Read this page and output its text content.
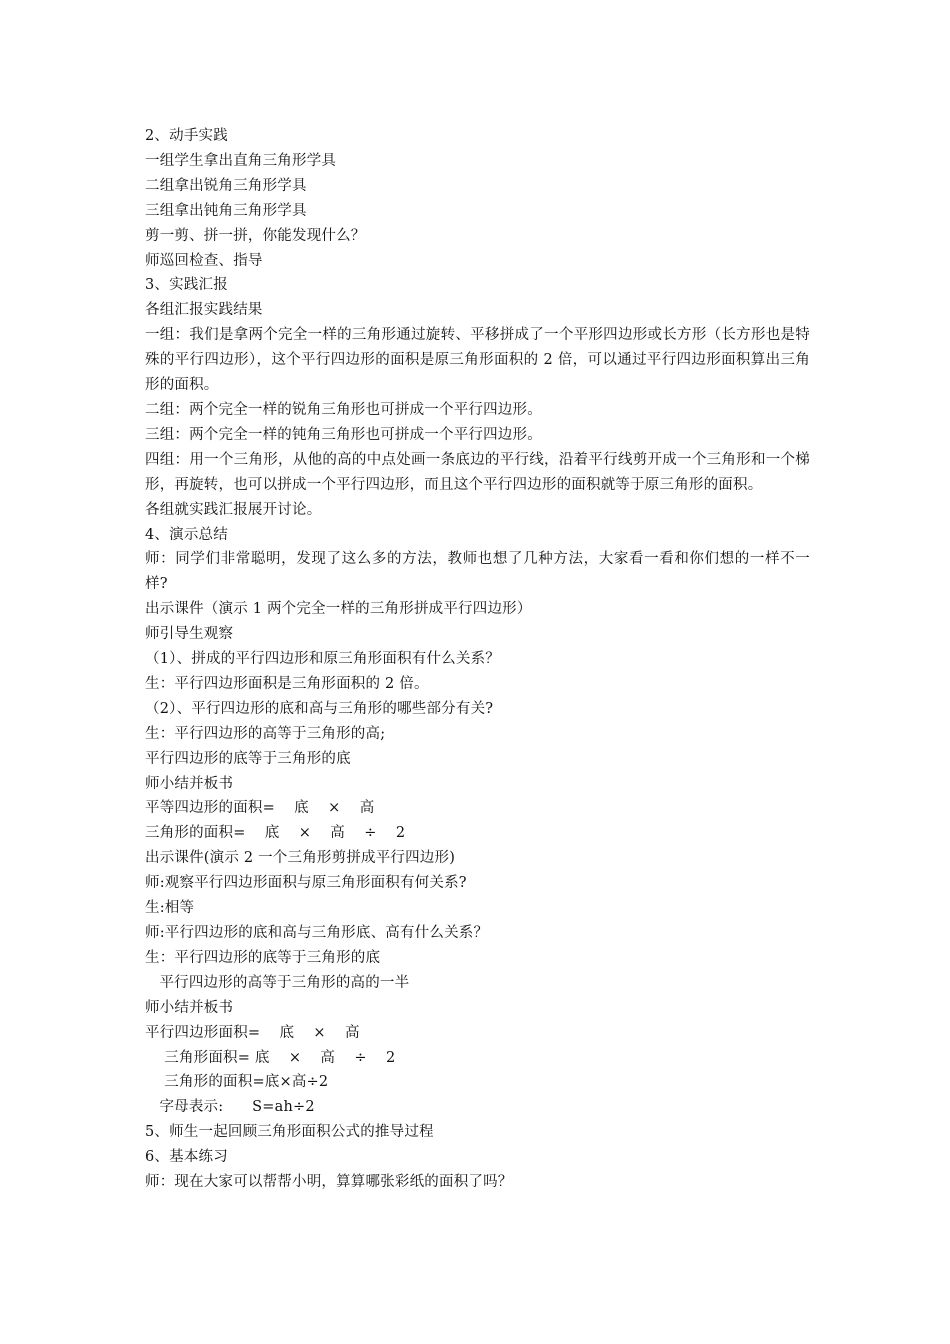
2、动手实践
一组学生拿出直角三角形学具
二组拿出锐角三角形学具
三组拿出钝角三角形学具
剪一剪、拼一拼，你能发现什么？
师巡回检查、指导
3、实践汇报
各组汇报实践结果
一组：我们是拿两个完全一样的三角形通过旋转、平移拼成了一个平形四边形或长方形（长方形也是特殊的平行四边形），这个平行四边形的面积是原三角形面积的 2 倍，可以通过平行四边形面积算出三角形的面积。
二组：两个完全一样的锐角三角形也可拼成一个平行四边形。
三组：两个完全一样的钝角三角形也可拼成一个平行四边形。
四组：用一个三角形，从他的高的中点处画一条底边的平行线，沿着平行线剪开成一个三角形和一个梯形，再旋转，也可以拼成一个平行四边形，而且这个平行四边形的面积就等于原三角形的面积。
各组就实践汇报展开讨论。
4、演示总结
师：同学们非常聪明，发现了这么多的方法，教师也想了几种方法，大家看一看和你们想的一样不一样?
出示课件（演示 1 两个完全一样的三角形拼成平行四边形）
师引导生观察
（1）、拼成的平行四边形和原三角形面积有什么关系？
生：平行四边形面积是三角形面积的 2 倍。
（2）、平行四边形的底和高与三角形的哪些部分有关?
生：平行四边形的高等于三角形的高;
平行四边形的底等于三角形的底
师小结并板书
平等四边形的面积=    底    ×    高
三角形的面积=    底    ×    高    ÷    2
出示课件(演示 2 一个三角形剪拼成平行四边形)
师:观察平行四边形面积与原三角形面积有何关系?
生:相等
师:平行四边形的底和高与三角形底、高有什么关系？
生：平行四边形的底等于三角形的底
平行四边形的高等于三角形的高的一半
师小结并板书
平行四边形面积=    底    ×    高
三角形面积= 底    ×    高    ÷    2
三角形的面积=底×高÷2
字母表示:      S=ah÷2
5、师生一起回顾三角形面积公式的推导过程
6、基本练习
师：现在大家可以帮帮小明，算算哪张彩纸的面积了吗？
